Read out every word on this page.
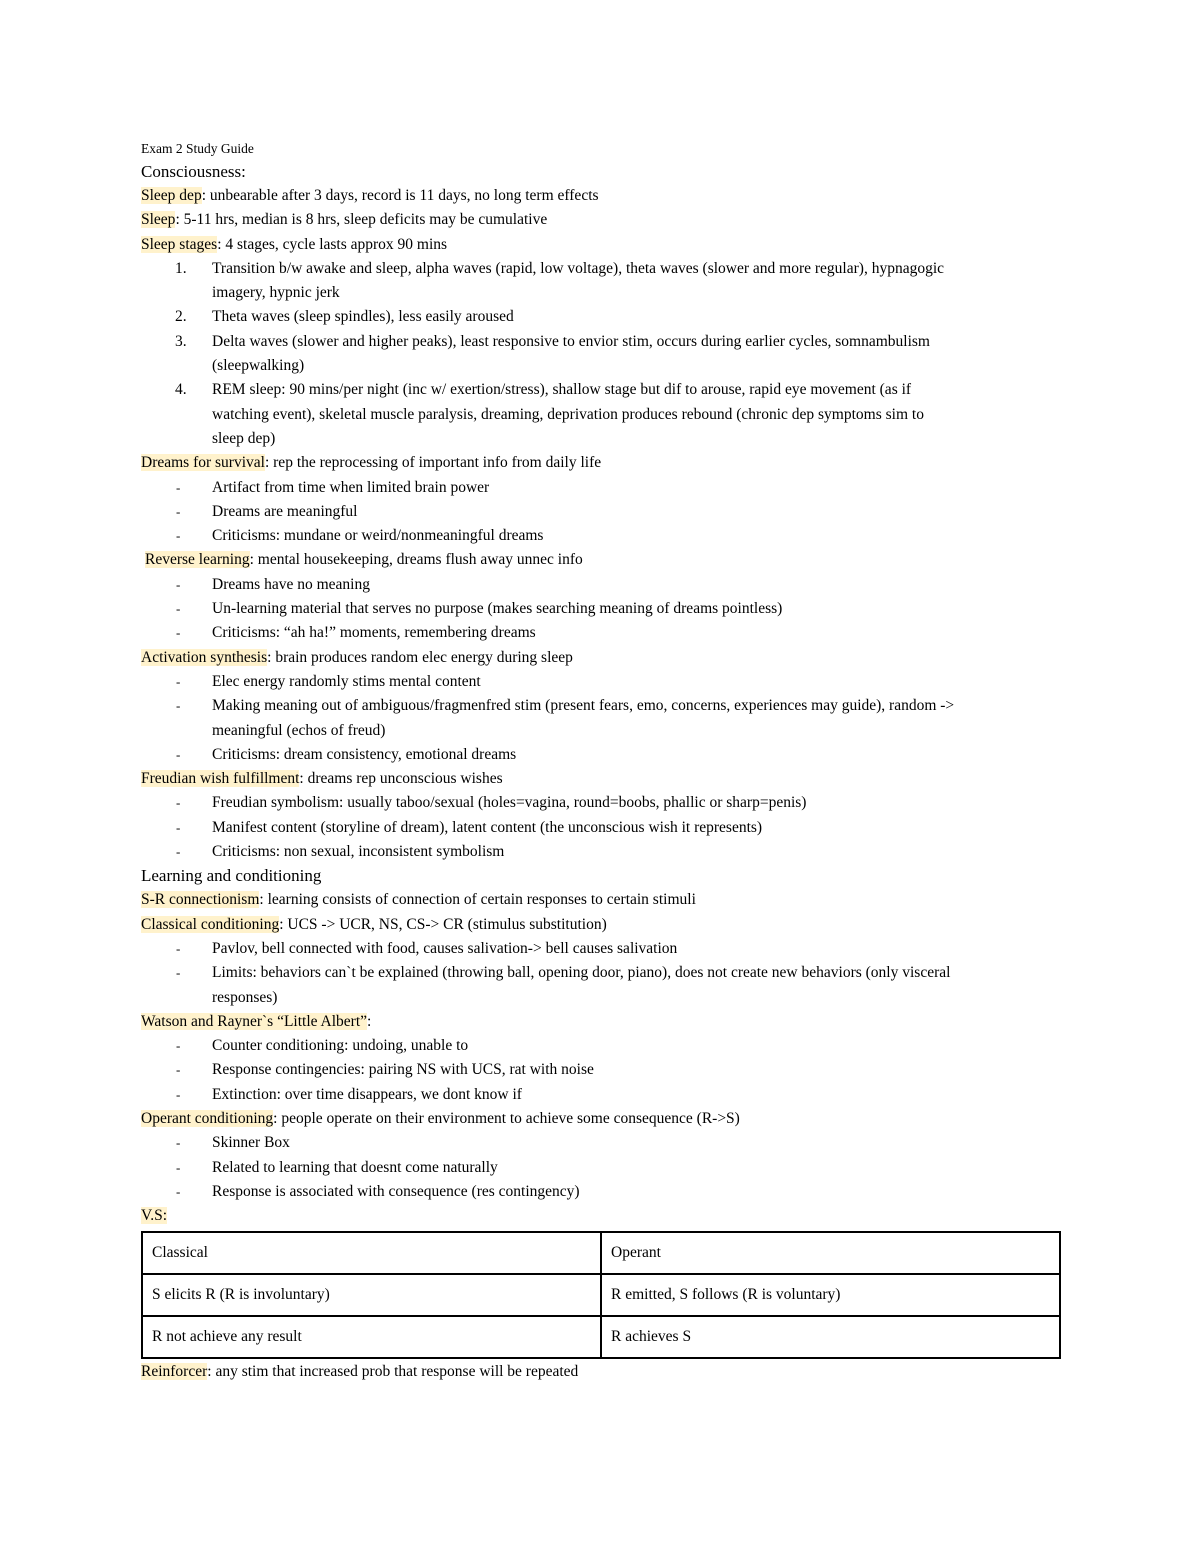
Exam 2 Study Guide
Consciousness:
Sleep dep: unbearable after 3 days, record is 11 days, no long term effects
Sleep: 5-11 hrs, median is 8 hrs, sleep deficits may be cumulative
Sleep stages: 4 stages, cycle lasts approx 90 mins
1. Transition b/w awake and sleep, alpha waves (rapid, low voltage), theta waves (slower and more regular), hypnagogic
imagery, hypnic jerk
2. Theta waves (sleep spindles), less easily aroused
3. Delta waves (slower and higher peaks), least responsive to envior stim, occurs during earlier cycles, somnambulism
(sleepwalking)
4. REM sleep: 90 mins/per night (inc w/ exertion/stress), shallow stage but dif to arouse, rapid eye movement (as if
watching event), skeletal muscle paralysis, dreaming, deprivation produces rebound (chronic dep symptoms sim to
sleep dep)
Dreams for survival: rep the reprocessing of important info from daily life
- Artifact from time when limited brain power
- Dreams are meaningful
- Criticisms: mundane or weird/nonmeaningful dreams
Reverse learning: mental housekeeping, dreams flush away unnec info
- Dreams have no meaning
- Un-learning material that serves no purpose (makes searching meaning of dreams pointless)
- Criticisms: “ah ha!” moments, remembering dreams
Activation synthesis: brain produces random elec energy during sleep
- Elec energy randomly stims mental content
- Making meaning out of ambiguous/fragmenfred stim (present fears, emo, concerns, experiences may guide), random ->
meaningful (echos of freud)
- Criticisms: dream consistency, emotional dreams
Freudian wish fulfillment: dreams rep unconscious wishes
- Freudian symbolism: usually taboo/sexual (holes=vagina, round=boobs, phallic or sharp=penis)
- Manifest content (storyline of dream), latent content (the unconscious wish it represents)
- Criticisms: non sexual, inconsistent symbolism
Learning and conditioning
S-R connectionism: learning consists of connection of certain responses to certain stimuli
Classical conditioning: UCS -> UCR, NS, CS-> CR (stimulus substitution)
- Pavlov, bell connected with food, causes salivation-> bell causes salivation
- Limits: behaviors can`t be explained (throwing ball, opening door, piano), does not create new behaviors (only visceral
responses)
Watson and Rayner`s “Little Albert”:
- Counter conditioning: undoing, unable to
- Response contingencies: pairing NS with UCS, rat with noise
- Extinction: over time disappears, we dont know if
Operant conditioning: people operate on their environment to achieve some consequence (R->S)
- Skinner Box
- Related to learning that doesnt come naturally
- Response is associated with consequence (res contingency)
V.S:
Classical	Operant
S elicits R (R is involuntary)	R emitted, S follows (R is voluntary)
R not achieve any result	R achieves S
Reinforcer: any stim that increased prob that response will be repeated
